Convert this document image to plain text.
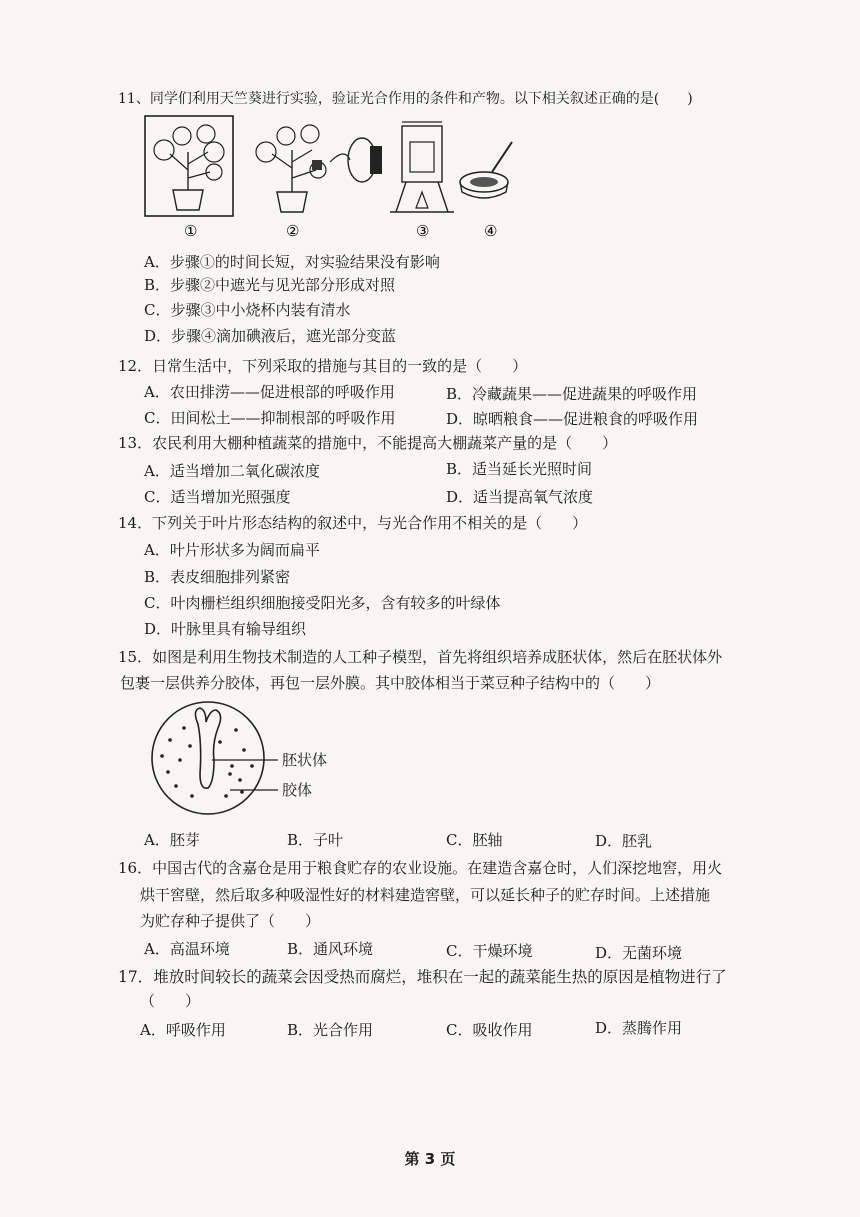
11、同学们利用天竺葵进行实验，验证光合作用的条件和产物。以下相关叙述正确的是(　　)
①	②	③	④
A．步骤①的时间长短，对实验结果没有影响
B．步骤②中遮光与见光部分形成对照
C．步骤③中小烧杯内装有清水
D．步骤④滴加碘液后，遮光部分变蓝
12．日常生活中，下列采取的措施与其目的一致的是（　　）
A．农田排涝——促进根部的呼吸作用	B．冷藏蔬果——促进蔬果的呼吸作用
C．田间松土——抑制根部的呼吸作用	D．晾晒粮食——促进粮食的呼吸作用
13．农民利用大棚种植蔬菜的措施中，不能提高大棚蔬菜产量的是（　　）
A．适当增加二氧化碳浓度	B．适当延长光照时间
C．适当增加光照强度	D．适当提高氧气浓度
14．下列关于叶片形态结构的叙述中，与光合作用不相关的是（　　）
A．叶片形状多为阔而扁平
B．表皮细胞排列紧密
C．叶肉栅栏组织细胞接受阳光多，含有较多的叶绿体
D．叶脉里具有输导组织
15．如图是利用生物技术制造的人工种子模型，首先将组织培养成胚状体，然后在胚状体外
包裹一层供养分胶体，再包一层外膜。其中胶体相当于菜豆种子结构中的（　　）
胚状体
胶体
A．胚芽	B．子叶	C．胚轴	D．胚乳
16．中国古代的含嘉仓是用于粮食贮存的农业设施。在建造含嘉仓时，人们深挖地窖，用火
烘干窖壁，然后取多种吸湿性好的材料建造窖壁，可以延长种子的贮存时间。上述措施
为贮存种子提供了（　　）
A．高温环境	B．通风环境	C．干燥环境	D．无菌环境
17．堆放时间较长的蔬菜会因受热而腐烂，堆积在一起的蔬菜能生热的原因是植物进行了
（　　）
A．呼吸作用	B．光合作用	C．吸收作用	D．蒸腾作用
第 3 页
